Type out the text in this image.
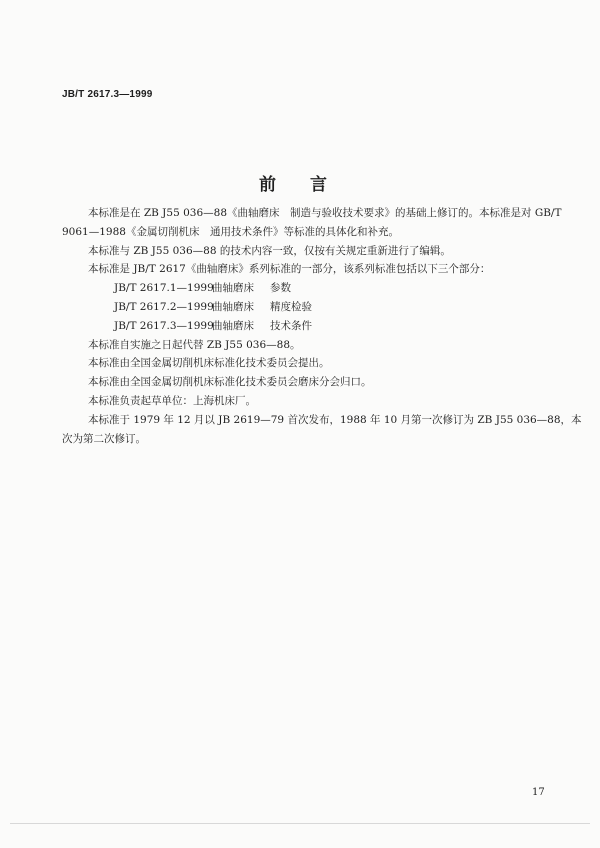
JB/T 2617.3—1999
前 言
本标准是在 ZB J55 036—88《曲轴磨床　制造与验收技术要求》的基础上修订的。本标准是对 GB/T
9061—1988《金属切削机床　通用技术条件》等标准的具体化和补充。
本标准与 ZB J55 036—88 的技术内容一致，仅按有关规定重新进行了编辑。
本标准是 JB/T 2617《曲轴磨床》系列标准的一部分，该系列标准包括以下三个部分：
JB/T 2617.1—1999曲轴磨床 参数
JB/T 2617.2—1999曲轴磨床 精度检验
JB/T 2617.3—1999曲轴磨床 技术条件
本标准自实施之日起代替 ZB J55 036—88。
本标准由全国金属切削机床标准化技术委员会提出。
本标准由全国金属切削机床标准化技术委员会磨床分会归口。
本标准负责起草单位：上海机床厂。
本标准于 1979 年 12 月以 JB 2619—79 首次发布，1988 年 10 月第一次修订为 ZB J55 036—88，本
次为第二次修订。
17
